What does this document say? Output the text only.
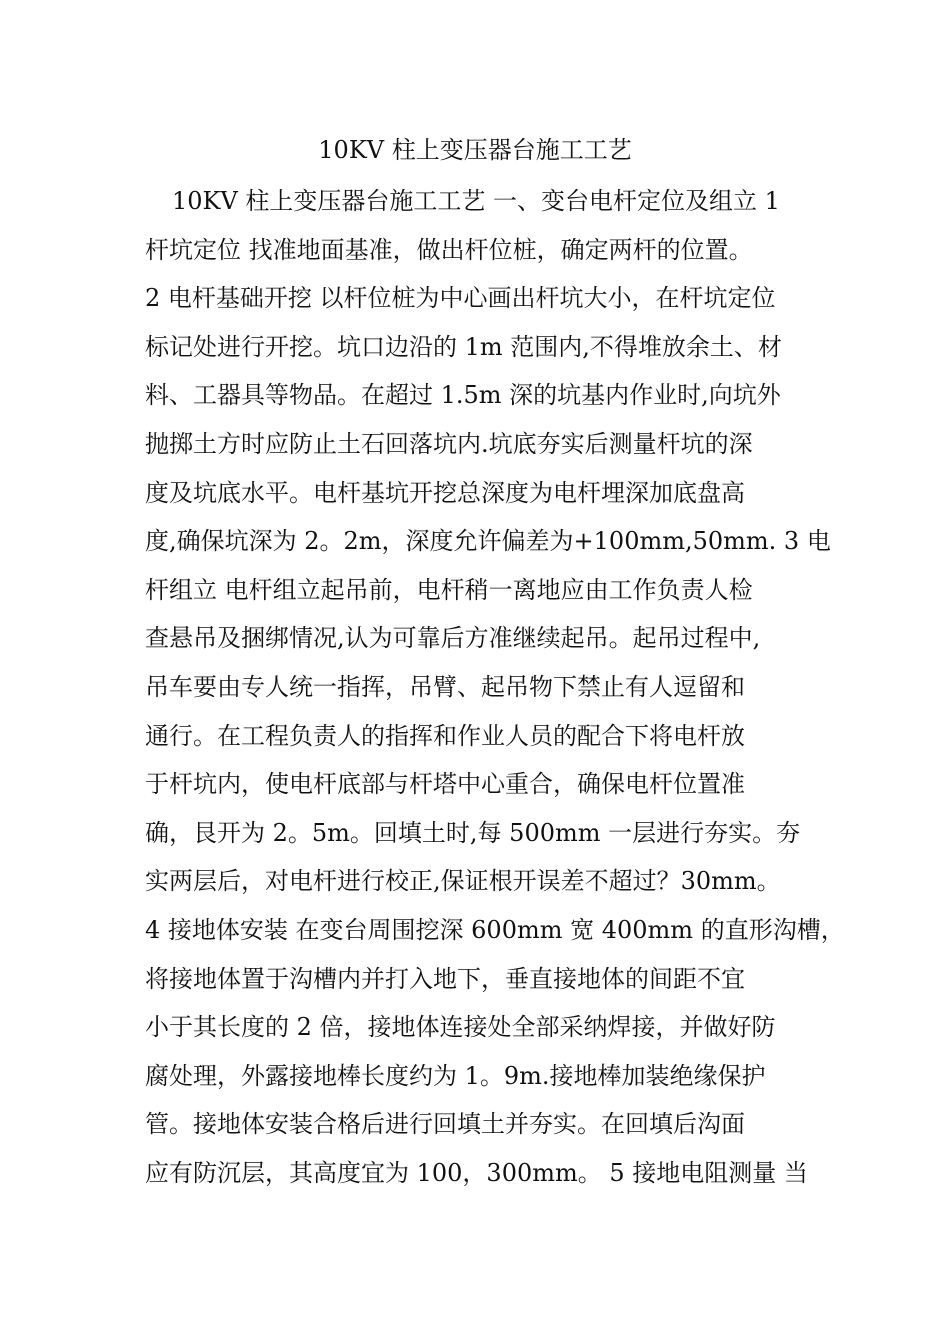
10KV 柱上变压器台施工工艺
10KV 柱上变压器台施工工艺 一、变台电杆定位及组立 1
杆坑定位 找准地面基准，做出杆位桩，确定两杆的位置。
2 电杆基础开挖 以杆位桩为中心画出杆坑大小，在杆坑定位
标记处进行开挖。坑口边沿的 1m 范围内,不得堆放余土、材
料、工器具等物品。在超过 1.5m 深的坑基内作业时,向坑外
抛掷土方时应防止土石回落坑内.坑底夯实后测量杆坑的深
度及坑底水平。电杆基坑开挖总深度为电杆埋深加底盘高
度,确保坑深为 2。2m，深度允许偏差为+100mm,50mm. 3 电
杆组立 电杆组立起吊前，电杆稍一离地应由工作负责人检
查悬吊及捆绑情况,认为可靠后方准继续起吊。起吊过程中,
吊车要由专人统一指挥，吊臂、起吊物下禁止有人逗留和
通行。在工程负责人的指挥和作业人员的配合下将电杆放
于杆坑内，使电杆底部与杆塔中心重合，确保电杆位置准
确，艮开为 2。5m。回填土时,每 500mm 一层进行夯实。夯
实两层后，对电杆进行校正,保证根开误差不超过？30mm。
4 接地体安装 在变台周围挖深 600mm 宽 400mm 的直形沟槽，
将接地体置于沟槽内并打入地下，垂直接地体的间距不宜
小于其长度的 2 倍，接地体连接处全部采纳焊接，并做好防
腐处理，外露接地棒长度约为 1。9m.接地棒加装绝缘保护
管。接地体安装合格后进行回填土并夯实。在回填后沟面
应有防沉层，其高度宜为 100，300mm。 5 接地电阻测量 当
